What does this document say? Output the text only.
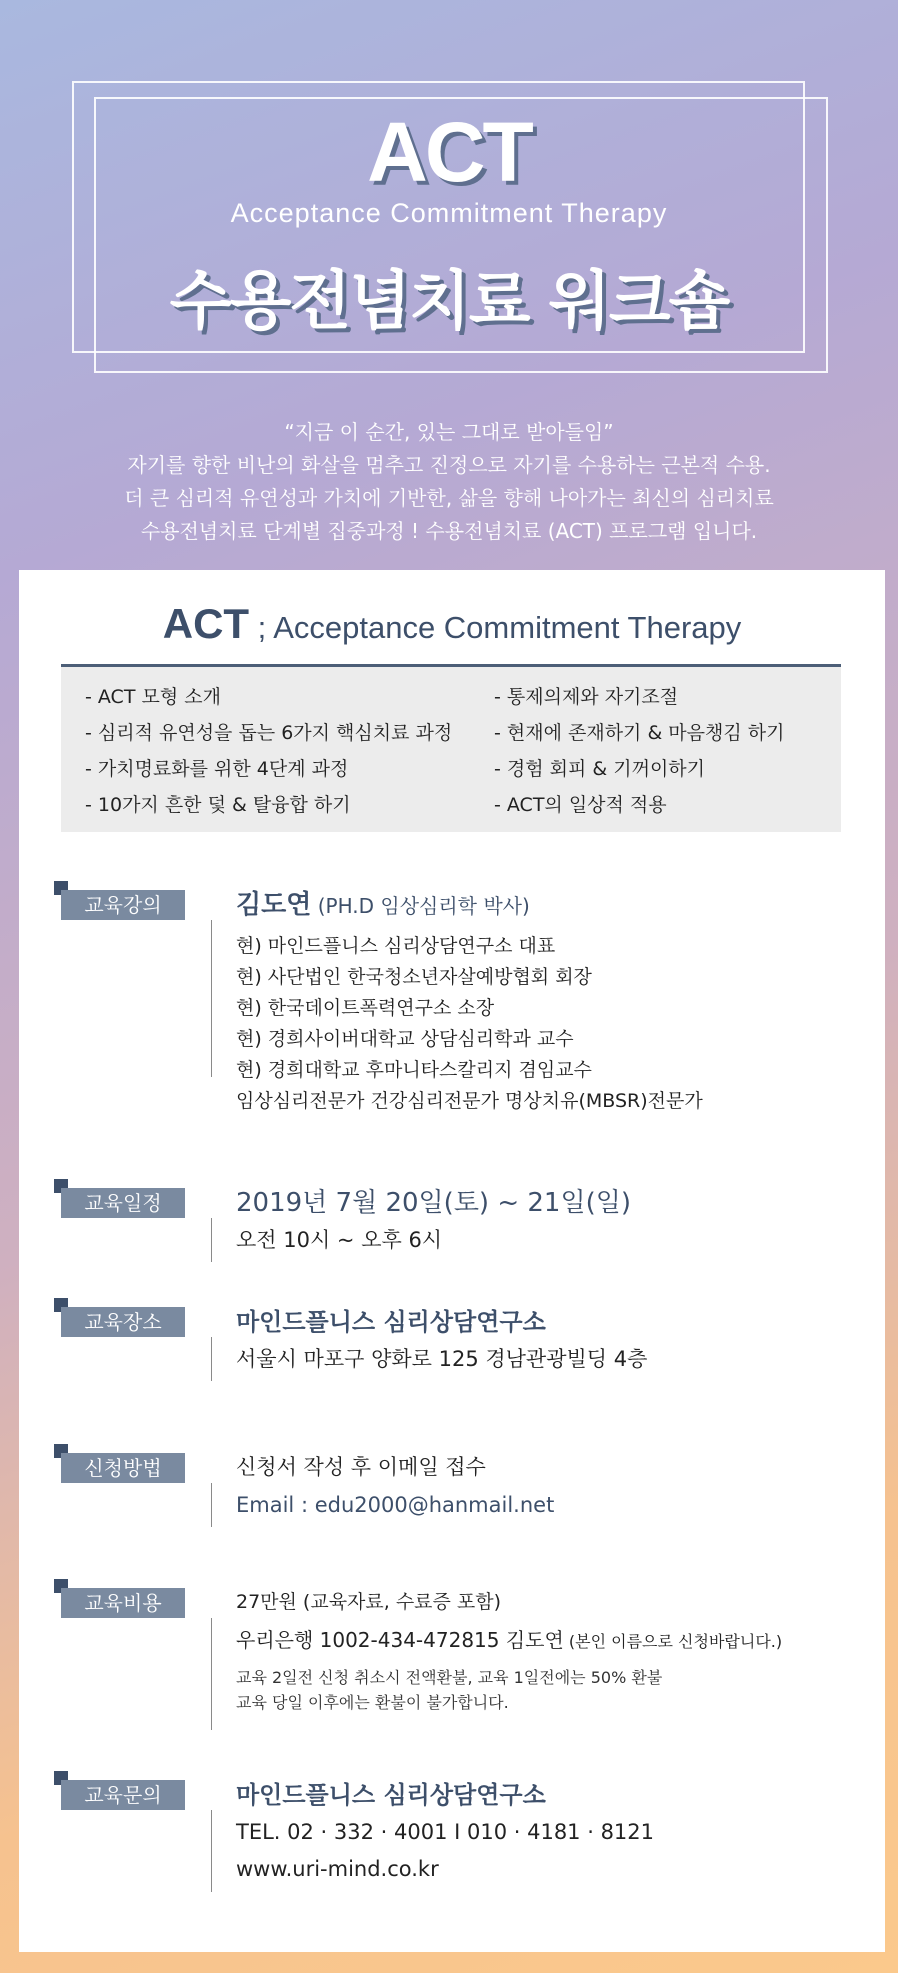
ACT
Acceptance Commitment Therapy
수용전념치료 워크숍
“지금 이 순간, 있는 그대로 받아들임”
자기를 향한 비난의 화살을 멈추고 진정으로 자기를 수용하는 근본적 수용.
더 큰 심리적 유연성과 가치에 기반한, 삶을 향해 나아가는 최신의 심리치료
수용전념치료 단계별 집중과정 ! 수용전념치료 (ACT) 프로그램 입니다.
ACT ; Acceptance Commitment Therapy
- ACT 모형 소개
- 심리적 유연성을 돕는 6가지 핵심치료 과정
- 가치명료화를 위한 4단계 과정
- 10가지 흔한 덫 & 탈융합 하기
- 통제의제와 자기조절
- 현재에 존재하기 & 마음챙김 하기
- 경험 회피 & 기꺼이하기
- ACT의 일상적 적용
교육강의	김도연 (PH.D 임상심리학 박사)
현) 마인드플니스 심리상담연구소 대표
현) 사단법인 한국청소년자살예방협회 회장
현) 한국데이트폭력연구소 소장
현) 경희사이버대학교 상담심리학과 교수
현) 경희대학교 후마니타스칼리지 겸임교수
임상심리전문가 건강심리전문가 명상치유(MBSR)전문가
교육일정	2019년 7월 20일(토) ~ 21일(일)
오전 10시 ~ 오후 6시
교육장소	마인드플니스 심리상담연구소
서울시 마포구 양화로 125 경남관광빌딩 4층
신청방법	신청서 작성 후 이메일 접수
Email : edu2000@hanmail.net
교육비용	27만원 (교육자료, 수료증 포함)
우리은행 1002-434-472815 김도연 (본인 이름으로 신청바랍니다.)
교육 2일전 신청 취소시 전액환불, 교육 1일전에는 50% 환불
교육 당일 이후에는 환불이 불가합니다.
교육문의	마인드플니스 심리상담연구소
TEL. 02 · 332 · 4001 I 010 · 4181 · 8121
www.uri-mind.co.kr
